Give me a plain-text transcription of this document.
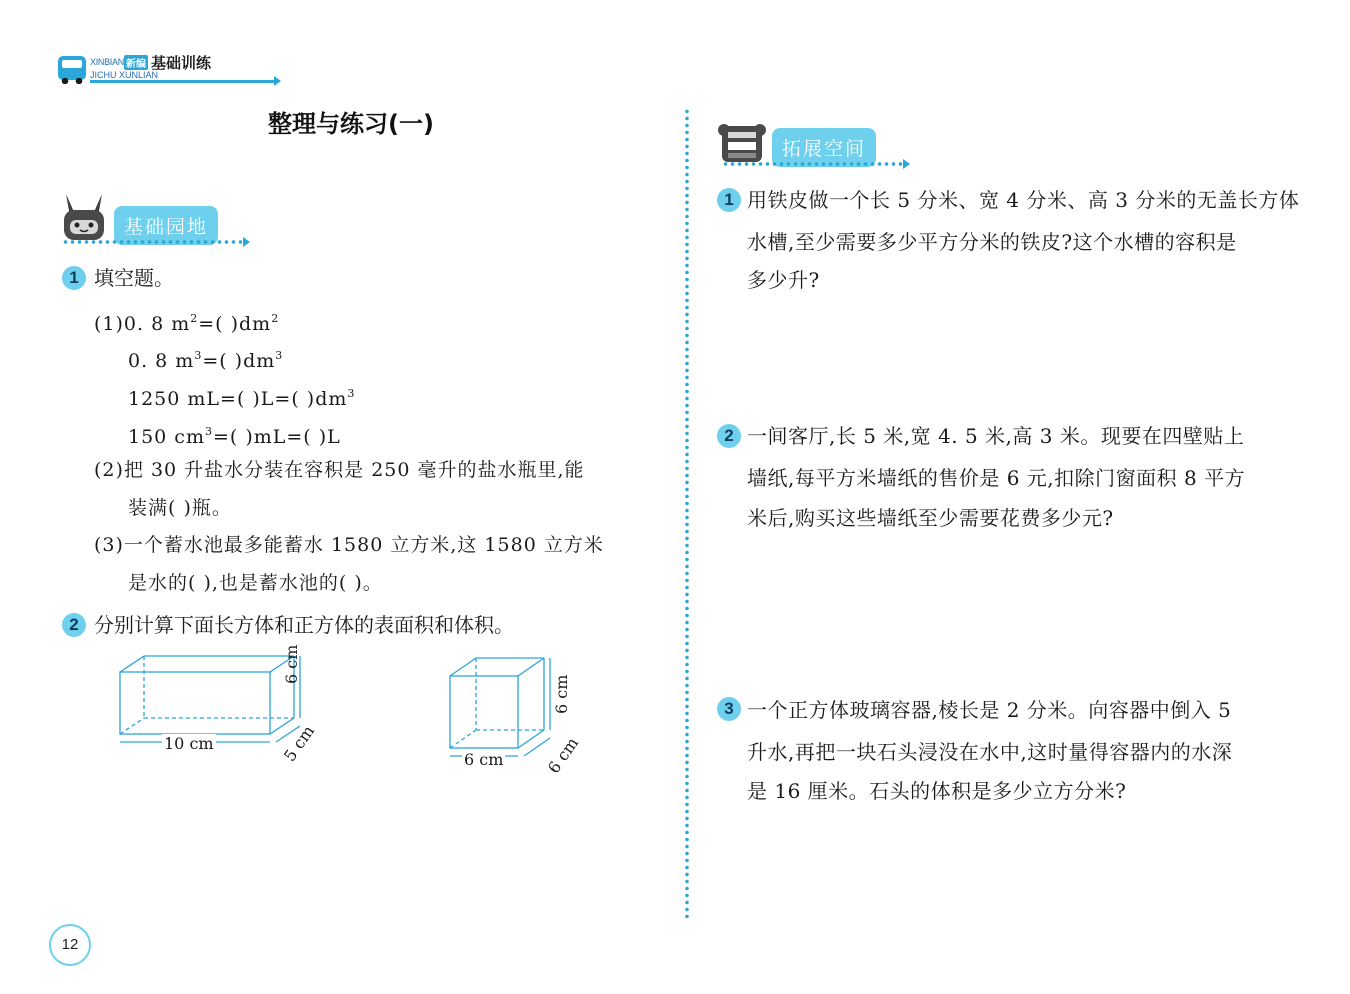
XINBIAN 新编 基础训练
JICHU XUNLIAN
整理与练习(一)
基础园地
1 填空题。
(1)0. 8 $m^2=$( )$dm^2$
0. 8 $m^3=$( )$dm^3$
1250 mL=( )L=( )$dm^3$
150 $cm^3=$( )mL=( )L
(2)把 30 升盐水分装在容积是 250 毫升的盐水瓶里,能
装满( )瓶。
(3)一个蓄水池最多能蓄水 1580 立方米,这 1580 立方米
是水的( ),也是蓄水池的( )。
2 分别计算下面长方体和正方体的表面积和体积。
10 cm
6 cm
5 cm	6 cm
6 cm
6 cm
拓展空间
1 用铁皮做一个长 5 分米、宽 4 分米、高 3 分米的无盖长方体
水槽,至少需要多少平方分米的铁皮?这个水槽的容积是
多少升?
2 一间客厅,长 5 米,宽 4. 5 米,高 3 米。现要在四壁贴上
墙纸,每平方米墙纸的售价是 6 元,扣除门窗面积 8 平方
米后,购买这些墙纸至少需要花费多少元?
3 一个正方体玻璃容器,棱长是 2 分米。向容器中倒入 5
升水,再把一块石头浸没在水中,这时量得容器内的水深
是 16 厘米。石头的体积是多少立方分米?
12
